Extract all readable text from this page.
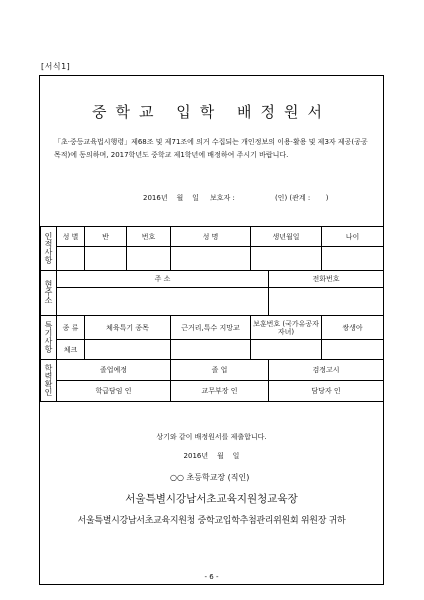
[서식1]
중학교 입학 배정원서
「초·중등교육법시행령」제68조 및 제71조에 의거 수집되는 개인정보의 이용·활용 및 제3자 제공(공공목적)에 동의하며, 2017학년도 중학교 제1학년에 배정하여 주시기 바랍니다.
2016년    월    일     보호자 :                  (인) (관계 :       )
인적사항	성 별	반	번호	성 명	생년월일		나이

현주소	주 소					전화번호	

특기사항	종 류	체육특기 종목		근거리,특수 지망교	보훈번호 (국가유공자자녀)		쌍생아
	체크						
학력확인	졸업예정			졸 업		검정고시	
	학급담임 인			교무부장 인		담당자 인	
상기와 같이 배정원서를 제출합니다.
2016년    월    일
○○ 초등학교장 (직인)
서울특별시강남서초교육지원청교육장
서울특별시강남서초교육지원청 중학교입학추첨관리위원회 위원장 귀하
- 6 -
